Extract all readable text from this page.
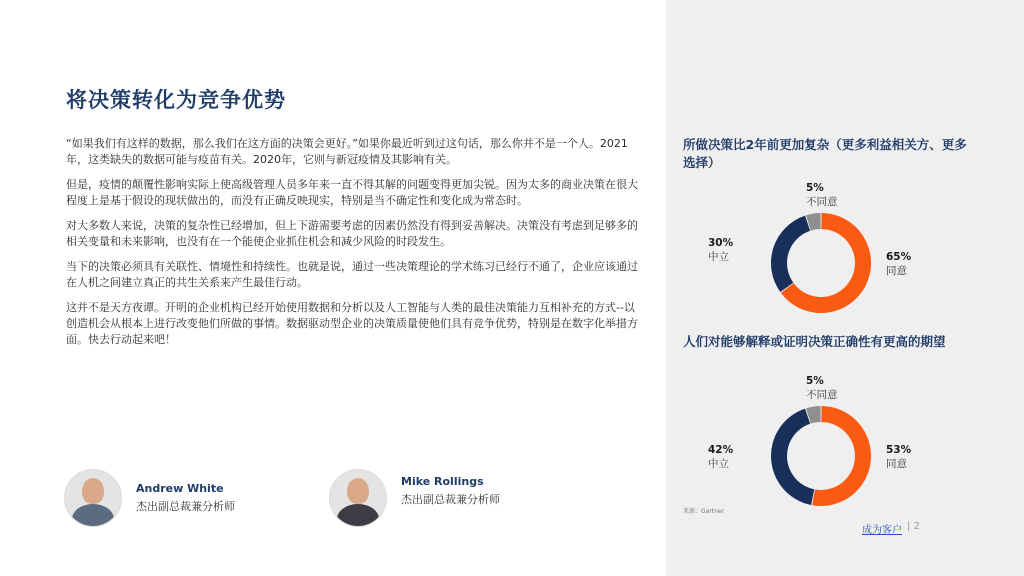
将决策转化为竞争优势

“如果我们有这样的数据，那么我们在这方面的决策会更好。”如果你最近听到过这句话，那么你并不是一个人。2021年，这类缺失的数据可能与疫苗有关。2020年，它则与新冠疫情及其影响有关。

但是，疫情的颠覆性影响实际上使高级管理人员多年来一直不得其解的问题变得更加尖锐。因为太多的商业决策在很大程度上是基于假设的现状做出的，而没有正确反映现实，特别是当不确定性和变化成为常态时。

对大多数人来说，决策的复杂性已经增加，但上下游需要考虑的因素仍然没有得到妥善解决。决策没有考虑到足够多的相关变量和未来影响，也没有在一个能使企业抓住机会和减少风险的时段发生。

当下的决策必须具有关联性、情境性和持续性。也就是说，通过一些决策理论的学术练习已经行不通了，企业应该通过在人机之间建立真正的共生关系来产生最佳行动。

这并不是天方夜谭。开明的企业机构已经开始使用数据和分析以及人工智能与人类的最佳决策能力互相补充的方式--以创造机会从根本上进行改变他们所做的事情。数据驱动型企业的决策质量使他们具有竞争优势，特别是在数字化举措方面。快去行动起来吧！

Andrew White
杰出副总裁兼分析师
Mike Rollings
杰出副总裁兼分析师
所做决策比2年前更加复杂（更多利益相关方、更多选择）
5%
不同意
30%
中立	65%
同意
人们对能够解释或证明决策正确性有更高的期望
5%
不同意
42%
中立
53%
同意
来源：Gartner
成为客户 | 2
